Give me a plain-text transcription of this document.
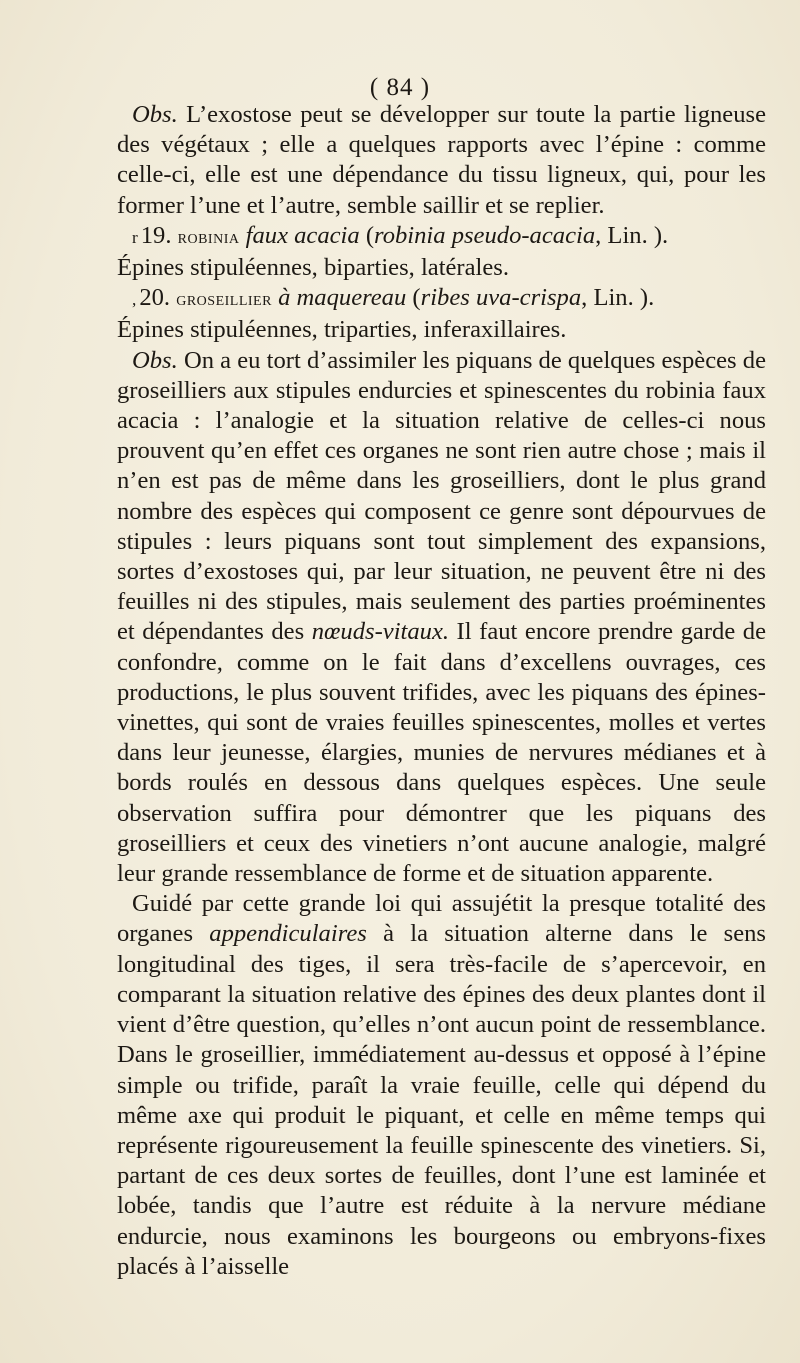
( 84 )

Obs. L’exostose peut se développer sur toute la partie ligneuse des végétaux ; elle a quelques rapports avec l’épine : comme celle-ci, elle est une dépendance du tissu ligneux, qui, pour les former l’une et l’autre, semble saillir et se replier.

r 19. robinia faux acacia (robinia pseudo-acacia, Lin. ).

Épines stipuléennes, biparties, latérales.

, 20. groseillier à maquereau (ribes uva-crispa, Lin. ).

Épines stipuléennes, triparties, inferaxillaires.

Obs. On a eu tort d’assimiler les piquans de quelques espèces de groseilliers aux stipules endurcies et spinescentes du robinia faux acacia : l’analogie et la situation relative de celles-ci nous prouvent qu’en effet ces organes ne sont rien autre chose ; mais il n’en est pas de même dans les groseilliers, dont le plus grand nombre des espèces qui composent ce genre sont dépourvues de stipules : leurs piquans sont tout simplement des expansions, sortes d’exostoses qui, par leur situation, ne peuvent être ni des feuilles ni des stipules, mais seulement des parties proéminentes et dépendantes des nœuds-vitaux. Il faut encore prendre garde de confondre, comme on le fait dans d’excellens ouvrages, ces productions, le plus souvent trifides, avec les piquans des épines-vinettes, qui sont de vraies feuilles spinescentes, molles et vertes dans leur jeunesse, élargies, munies de nervures médianes et à bords roulés en dessous dans quelques espèces. Une seule observation suffira pour démontrer que les piquans des groseilliers et ceux des vinetiers n’ont aucune analogie, malgré leur grande ressemblance de forme et de situation apparente.

Guidé par cette grande loi qui assujétit la presque totalité des organes appendiculaires à la situation alterne dans le sens longitudinal des tiges, il sera très-facile de s’apercevoir, en comparant la situation relative des épines des deux plantes dont il vient d’être question, qu’elles n’ont aucun point de ressemblance. Dans le groseillier, immédiatement au-dessus et opposé à l’épine simple ou trifide, paraît la vraie feuille, celle qui dépend du même axe qui produit le piquant, et celle en même temps qui représente rigoureusement la feuille spinescente des vinetiers. Si, partant de ces deux sortes de feuilles, dont l’une est laminée et lobée, tandis que l’autre est réduite à la nervure médiane endurcie, nous examinons les bourgeons ou embryons-fixes placés à l’aisselle
